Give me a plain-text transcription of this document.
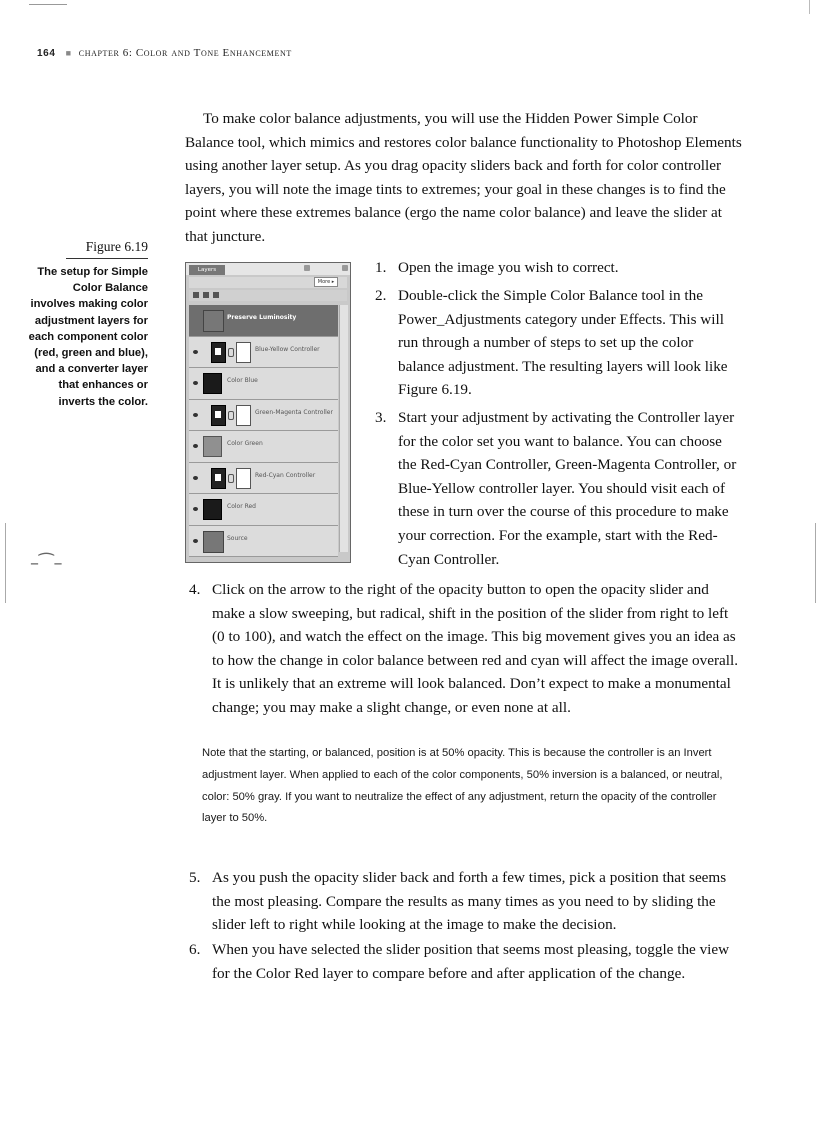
–⁀–
164 ■ chapter 6: Color and Tone Enhancement

To make color balance adjustments, you will use the Hidden Power Simple Color Balance tool, which mimics and restores color balance functionality to Photoshop Elements using another layer setup. As you drag opacity sliders back and forth for color controller layers, you will note the image tints to extremes; your goal in these changes is to find the point where these extremes balance (ergo the name color balance) and leave the slider at that juncture.

Figure 6.19
The setup for Simple Color Balance involves making color adjustment layers for each component color (red, green and blue), and a converter layer that enhances or inverts the color.
Layers
More ▸
Preserve Luminosity
Blue-Yellow Controller
Color Blue
Green-Magenta Controller
Color Green
Red-Cyan Controller
Color Red
Source
1. Open the image you wish to correct.
2. Double-click the Simple Color Balance tool in the Power_Adjustments category under Effects. This will run through a number of steps to set up the color balance adjustment. The resulting layers will look like Figure 6.19.
3. Start your adjustment by activating the Controller layer for the color set you want to balance. You can choose the Red-Cyan Controller, Green-Magenta Controller, or Blue-Yellow controller layer. You should visit each of these in turn over the course of this procedure to make your correction. For the example, start with the Red-Cyan Controller.
4. Click on the arrow to the right of the opacity button to open the opacity slider and make a slow sweeping, but radical, shift in the position of the slider from right to left (0 to 100), and watch the effect on the image. This big movement gives you an idea as to how the change in color balance between red and cyan will affect the image overall. It is unlikely that an extreme will look balanced. Don’t expect to make a monumental change; you may make a slight change, or even none at all.
5. As you push the opacity slider back and forth a few times, pick a position that seems the most pleasing. Compare the results as many times as you need to by sliding the slider left to right while looking at the image to make the decision.
6. When you have selected the slider position that seems most pleasing, toggle the view for the Color Red layer to compare before and after application of the change.

Note that the starting, or balanced, position is at 50% opacity. This is because the controller is an Invert adjustment layer. When applied to each of the color components, 50% inversion is a balanced, or neutral, color: 50% gray. If you want to neutralize the effect of any adjustment, return the opacity of the controller layer to 50%.
